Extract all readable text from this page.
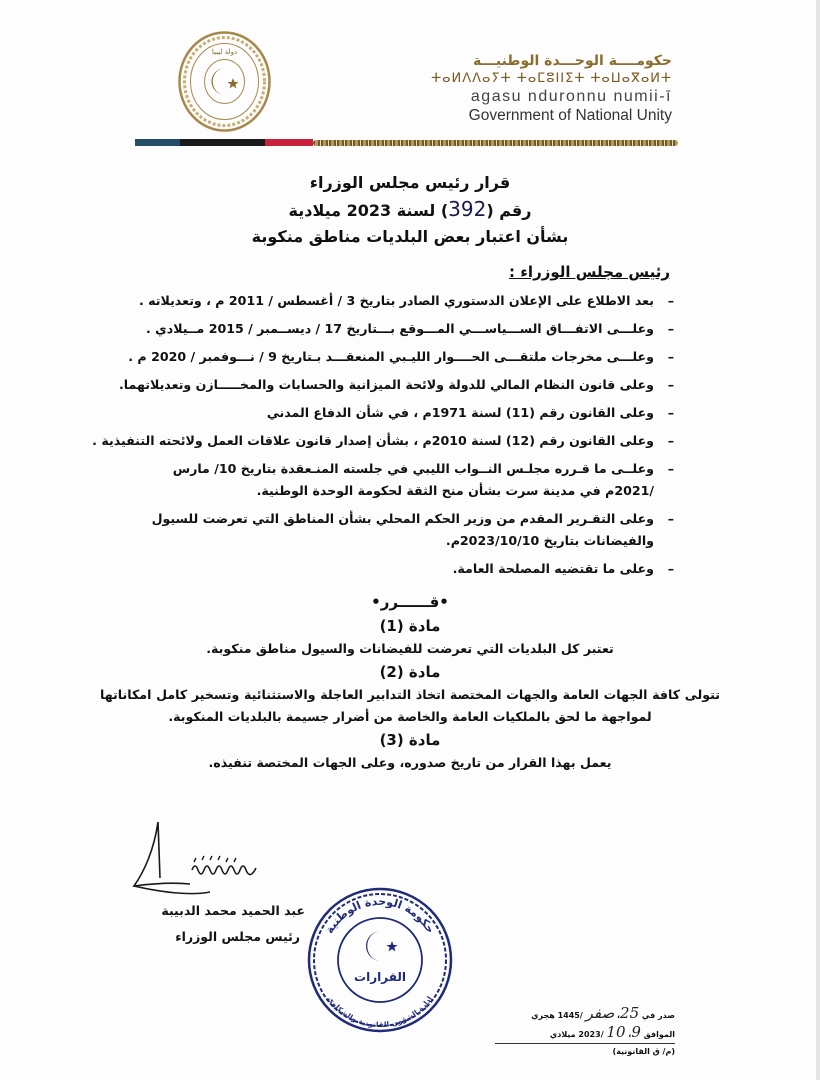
دولة ليبيا
حكومــــة الوحـــدة الوطنيـــة
ⵜⴰⵍⴷⴷⴰⵢⵜ ⵜⴰⵎⵓⵏⵏⵉⵜ ⵜⴰⵡⴰⴳⴰⵍⵜ
agasu nduronnu numii-ī
Government of National Unity
قرار رئيس مجلس الوزراء
رقم (392) لسنة 2023 ميلادية
بشأن اعتبار بعض البلديات مناطق منكوبة
رئيس مجلس الوزراء :
–
بعد الاطلاع على الإعلان الدستوري الصادر بتاريخ 3 / أغسطس / 2011 م ، وتعديلاته .
–
وعلـــى الاتفـــاق الســـياســـي المـــوقع بـــتاريخ 17 / ديســمبر / 2015 مــيلادي .
–
وعلـــى مخرجات ملتقـــى الحــــوار الليـبي المنعقـــد بـتاريخ 9 / نـــوفمبر / 2020 م .
–
وعلى قانون النظام المالي للدولة ولائحة الميزانية والحسابات والمخـــــازن وتعديلاتهما.
–
وعلى القانون رقم (11) لسنة 1971م ، في شأن الدفاع المدني
–
وعلى القانون رقم (12) لسنة 2010م ، بشأن إصدار قانون علاقات العمل ولائحته التنفيذية .
–
وعلــى ما قـرره مجلـس النــواب الليبي في جلسته المنـعقدة بتاريخ 10/ مارس /2021م في مدينة سرت بشأن منح الثقة لحكومة الوحدة الوطنية.
–
وعلى التقـرير المقدم من وزير الحكم المحلي بشأن المناطق التي تعرضت للسيول والفيضانات بتاريخ 2023/10/10م.
–
وعلى ما تقتضيه المصلحة العامة.
•قــــــرر•
مادة (1)
تعتبر كل البلديات التي تعرضت للفيضانات والسيول مناطق منكوبة.
مادة (2)
تتولى كافة الجهات العامة والجهات المختصة اتخاذ التدابير العاجلة والاستثنائية وتسخير كامل امكاناتها لمواجهة ما لحق بالملكيات العامة والخاصة من أضرار جسيمة بالبلديات المنكوبة.
مادة (3)
يعمل بهذا القرار من تاريخ صدوره، وعلى الجهات المختصة تنفيذه.
عبد الحميد محمد الدبيبة
رئيس مجلس الوزراء حكومة الوحدة الوطنية
ادارة الشؤون القانونية والشكاوى
القرارات
صدر في 25، صفر /1445 هجري
الموافق 9، 10 /2023 ميلادي
(م/ ق القانونية)
